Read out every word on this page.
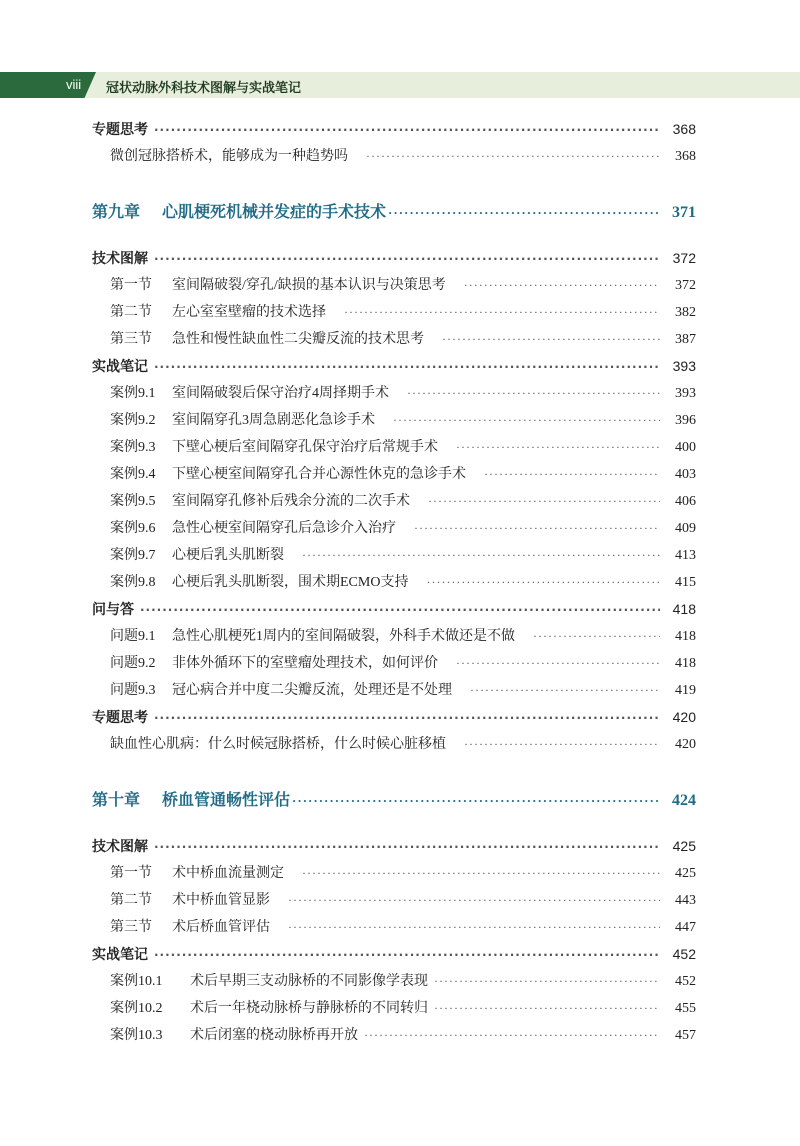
viii 冠状动脉外科技术图解与实战笔记
专题思考 ·····	368
微创冠脉搭桥术，能够成为一种趋势吗 ·····	368
第九章 心肌梗死机械并发症的手术技术 ·····	371
技术图解 ·····	372
第一节	室间隔破裂/穿孔/缺损的基本认识与决策思考 ·····	372
第二节	左心室室壁瘤的技术选择 ·····	382
第三节	急性和慢性缺血性二尖瓣反流的技术思考 ·····	387
实战笔记 ·····	393
案例9.1	室间隔破裂后保守治疗4周择期手术 ·····	393
案例9.2	室间隔穿孔3周急剧恶化急诊手术 ·····	396
案例9.3	下壁心梗后室间隔穿孔保守治疗后常规手术 ·····	400
案例9.4	下壁心梗室间隔穿孔合并心源性休克的急诊手术 ·····	403
案例9.5	室间隔穿孔修补后残余分流的二次手术 ·····	406
案例9.6	急性心梗室间隔穿孔后急诊介入治疗 ·····	409
案例9.7	心梗后乳头肌断裂 ·····	413
案例9.8	心梗后乳头肌断裂，围术期ECMO支持 ·····	415
问与答 ·····	418
问题9.1	急性心肌梗死1周内的室间隔破裂，外科手术做还是不做 ·····	418
问题9.2	非体外循环下的室壁瘤处理技术，如何评价 ·····	418
问题9.3	冠心病合并中度二尖瓣反流，处理还是不处理 ·····	419
专题思考 ·····	420
缺血性心肌病：什么时候冠脉搭桥，什么时候心脏移植 ·····	420
第十章 桥血管通畅性评估 ·····	424
技术图解 ·····	425
第一节	术中桥血流量测定 ·····	425
第二节	术中桥血管显影 ·····	443
第三节	术后桥血管评估 ·····	447
实战笔记 ·····	452
案例10.1	术后早期三支动脉桥的不同影像学表现 ·····	452
案例10.2	术后一年桡动脉桥与静脉桥的不同转归 ·····	455
案例10.3	术后闭塞的桡动脉桥再开放 ·····	457
